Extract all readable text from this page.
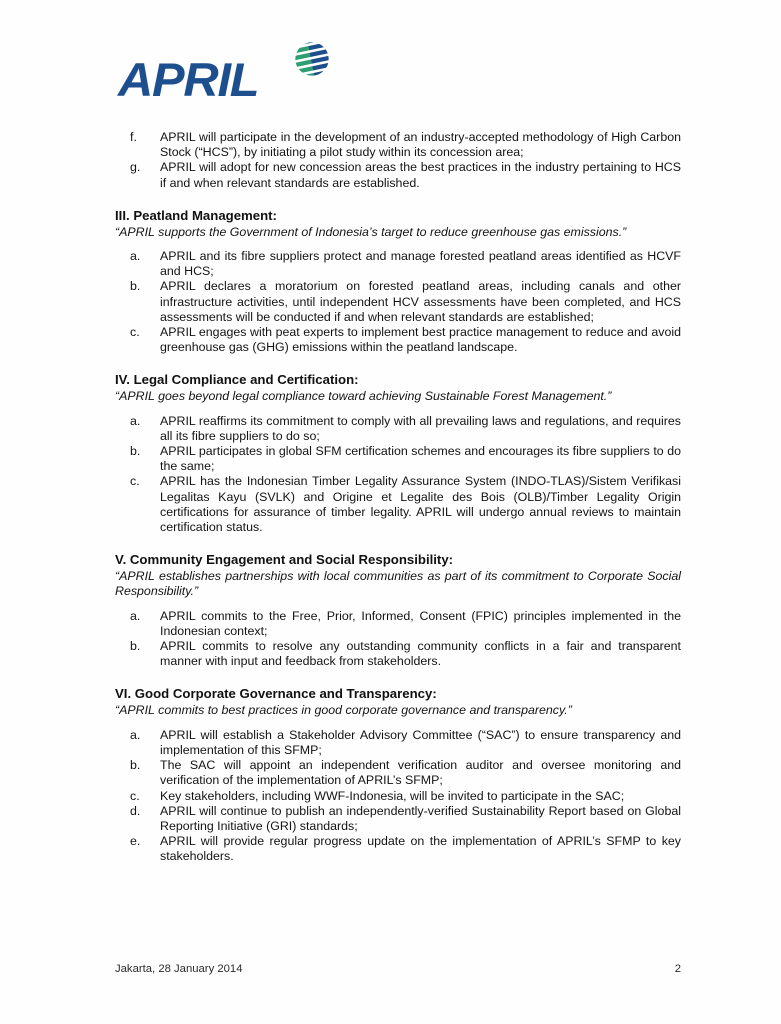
APRIL
f.	APRIL will participate in the development of an industry-accepted methodology of High Carbon Stock (“HCS”), by initiating a pilot study within its concession area;
g.	APRIL will adopt for new concession areas the best practices in the industry pertaining to HCS if and when relevant standards are established.
III. Peatland Management:

“APRIL supports the Government of Indonesia’s target to reduce greenhouse gas emissions.”

a.	APRIL and its fibre suppliers protect and manage forested peatland areas identified as HCVF and HCS;
b.	APRIL declares a moratorium on forested peatland areas, including canals and other infrastructure activities, until independent HCV assessments have been completed, and HCS assessments will be conducted if and when relevant standards are established;
c.	APRIL engages with peat experts to implement best practice management to reduce and avoid greenhouse gas (GHG) emissions within the peatland landscape.
IV. Legal Compliance and Certification:

“APRIL goes beyond legal compliance toward achieving Sustainable Forest Management.”

a.	APRIL reaffirms its commitment to comply with all prevailing laws and regulations, and requires all its fibre suppliers to do so;
b.	APRIL participates in global SFM certification schemes and encourages its fibre suppliers to do the same;
c.	APRIL has the Indonesian Timber Legality Assurance System (INDO-TLAS)/Sistem Verifikasi Legalitas Kayu (SVLK) and Origine et Legalite des Bois (OLB)/Timber Legality Origin certifications for assurance of timber legality. APRIL will undergo annual reviews to maintain certification status.
V. Community Engagement and Social Responsibility:

“APRIL establishes partnerships with local communities as part of its commitment to Corporate Social Responsibility.”

a.	APRIL commits to the Free, Prior, Informed, Consent (FPIC) principles implemented in the Indonesian context;
b.	APRIL commits to resolve any outstanding community conflicts in a fair and transparent manner with input and feedback from stakeholders.
VI. Good Corporate Governance and Transparency:

“APRIL commits to best practices in good corporate governance and transparency.”

a.	APRIL will establish a Stakeholder Advisory Committee (“SAC”) to ensure transparency and implementation of this SFMP;
b.	The SAC will appoint an independent verification auditor and oversee monitoring and verification of the implementation of APRIL’s SFMP;
c.	Key stakeholders, including WWF-Indonesia, will be invited to participate in the SAC;
d.	APRIL will continue to publish an independently-verified Sustainability Report based on Global Reporting Initiative (GRI) standards;
e.	APRIL will provide regular progress update on the implementation of APRIL’s SFMP to key stakeholders.
Jakarta, 28 January 2014	2
